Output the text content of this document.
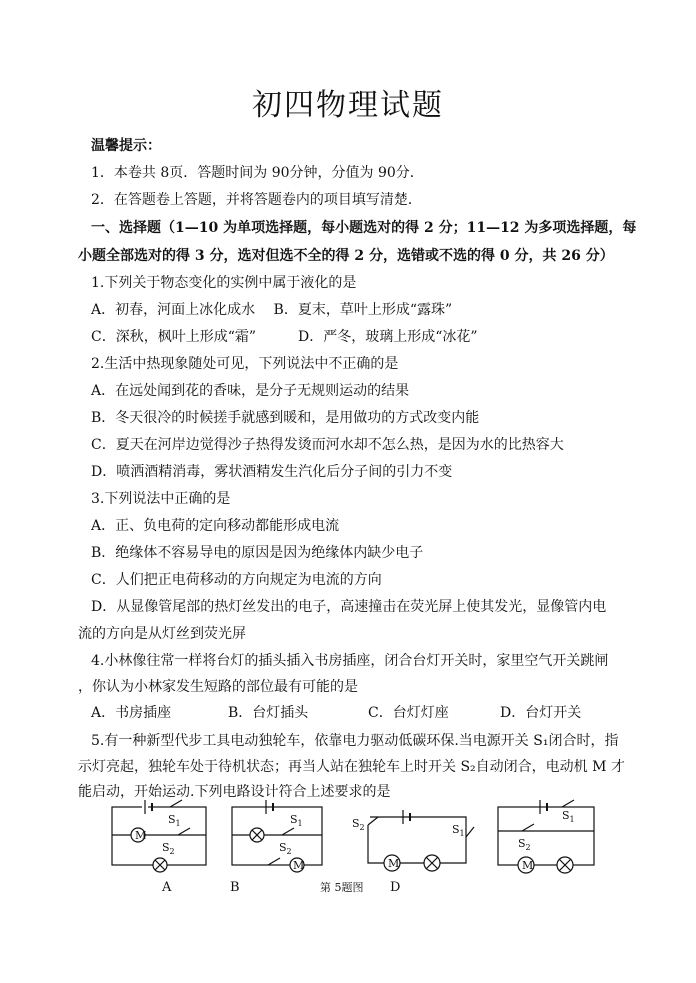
初四物理试题
温馨提示：
1．本卷共 8页．答题时间为 90分钟，分值为 90分．
2．在答题卷上答题，并将答题卷内的项目填写清楚．
一、选择题（1—10 为单项选择题，每小题选对的得 2 分；11—12 为多项选择题，每
小题全部选对的得 3 分，选对但选不全的得 2 分，选错或不选的得 0 分，共 26 分）
1.下列关于物态变化的实例中属于液化的是
A．初春，河面上冰化成水　 B．夏末，草叶上形成“露珠”
C．深秋，枫叶上形成“霜”　　　D．严冬，玻璃上形成“冰花”
2.生活中热现象随处可见，下列说法中不正确的是
A．在远处闻到花的香味，是分子无规则运动的结果
B．冬天很冷的时候搓手就感到暖和，是用做功的方式改变内能
C．夏天在河岸边觉得沙子热得发烫而河水却不怎么热，是因为水的比热容大
D．喷洒酒精消毒，雾状酒精发生汽化后分子间的引力不变
3.下列说法中正确的是
A．正、负电荷的定向移动都能形成电流
B．绝缘体不容易导电的原因是因为绝缘体内缺少电子
C．人们把正电荷移动的方向规定为电流的方向
D．从显像管尾部的热灯丝发出的电子，高速撞击在荧光屏上使其发光，显像管内电
流的方向是从灯丝到荧光屏
4.小林像往常一样将台灯的插头插入书房插座，闭合台灯开关时，家里空气开关跳闸
，你认为小林家发生短路的部位最有可能的是
A．书房插座	B．台灯插头	C．台灯灯座	D．台灯开关
5.有一种新型代步工具电动独轮车，依靠电力驱动低碳环保.当电源开关 S₁闭合时，指
示灯亮起，独轮车处于待机状态；再当人站在独轮车上时开关 S₂自动闭合，电动机 M 才
能启动，开始运动.下列电路设计符合上述要求的是
M
$S_1$
$S_2$
M
$S_1$
$S_2$
M
$S_2$	$S_1$
M
$S_1$
$S_2$
A	B	第 5题图 D
